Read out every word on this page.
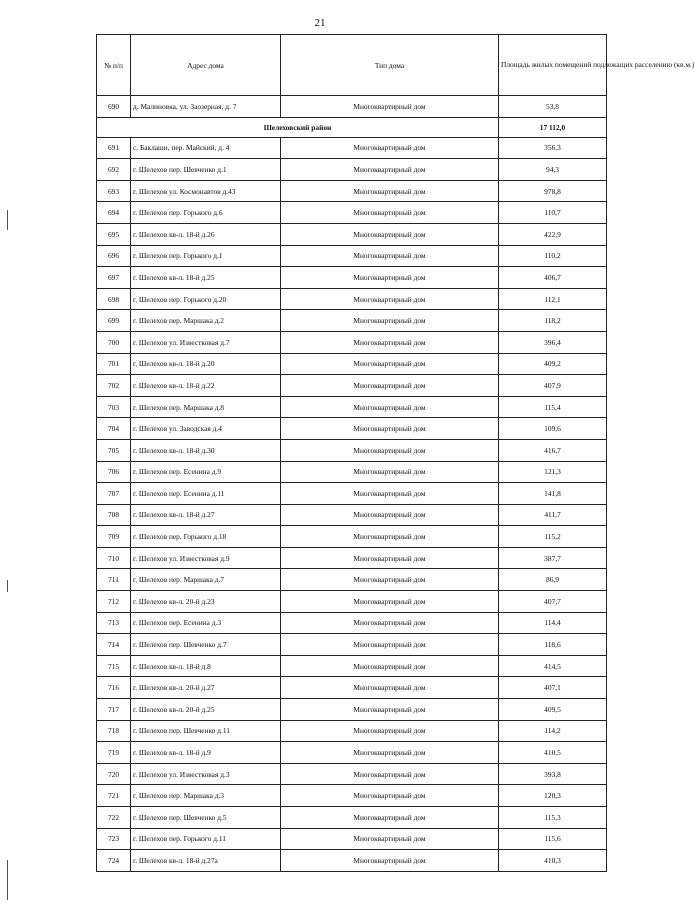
21
№ п/п	Адрес дома	Тип дома	Площадь жилых помещений подлежащих расселению (кв.м.)
690	д. Малиновка, ул. Заозерная, д. 7	Многоквартирный дом	53,8
Шелеховский район			17 112,0
691	с. Баклаши, пер. Майский, д. 4	Многоквартирный дом	356,3
692	г. Шелехов пер. Шевченко д.1	Многоквартирный дом	94,3
693	г. Шелехов ул. Космонавтов д.43	Многоквартирный дом	978,8
694	г. Шелехов пер. Горького д.6	Многоквартирный дом	110,7
695	г. Шелехов кв-л. 18-й д.26	Многоквартирный дом	422,9
696	г. Шелехов пер. Горького д.1	Многоквартирный дом	110,2
697	г. Шелехов кв-л. 18-й д.25	Многоквартирный дом	406,7
698	г. Шелехов пер. Горького д.20	Многоквартирный дом	112,1
699	г. Шелехов пер. Маршака д.2	Многоквартирный дом	118,2
700	г. Шелехов ул. Известковая д.7	Многоквартирный дом	396,4
701	г. Шелехов кв-л. 18-й д.20	Многоквартирный дом	409,2
702	г. Шелехов кв-л. 18-й д.22	Многоквартирный дом	407,9
703	г. Шелехов пер. Маршака д.8	Многоквартирный дом	115,4
704	г. Шелехов ул. Заводская д.4	Многоквартирный дом	109,6
705	г. Шелехов кв-л. 18-й д.30	Многоквартирный дом	416,7
706	г. Шелехов пер. Есенина д.9	Многоквартирный дом	121,3
707	г. Шелехов пер. Есенина д.11	Многоквартирный дом	141,8
708	г. Шелехов кв-л. 18-й д.27	Многоквартирный дом	411,7
709	г. Шелехов пер. Горького д.18	Многоквартирный дом	115,2
710	г. Шелехов ул. Известковая д.9	Многоквартирный дом	387,7
711	г. Шелехов пер. Маршака д.7	Многоквартирный дом	86,9
712	г. Шелехов кв-л. 20-й д.23	Многоквартирный дом	407,7
713	г. Шелехов пер. Есенина д.3	Многоквартирный дом	114,4
714	г. Шелехов пер. Шевченко д.7	Многоквартирный дом	118,6
715	г. Шелехов кв-л. 18-й д.8	Многоквартирный дом	414,5
716	г. Шелехов кв-л. 20-й д.27	Многоквартирный дом	407,1
717	г. Шелехов кв-л. 20-й д.25	Многоквартирный дом	409,5
718	г. Шелехов пер. Шевченко д.11	Многоквартирный дом	114,2
719	г. Шелехов кв-л. 18-й д.9	Многоквартирный дом	410,5
720	г. Шелехов ул. Известковая д.3	Многоквартирный дом	393,8
721	г. Шелехов пер. Маршака д.3	Многоквартирный дом	120,3
722	г. Шелехов пер. Шевченко д.5	Многоквартирный дом	115,3
723	г. Шелехов пер. Горького д.11	Многоквартирный дом	115,6
724	г. Шелехов кв-л. 18-й д.27а	Многоквартирный дом	410,3
